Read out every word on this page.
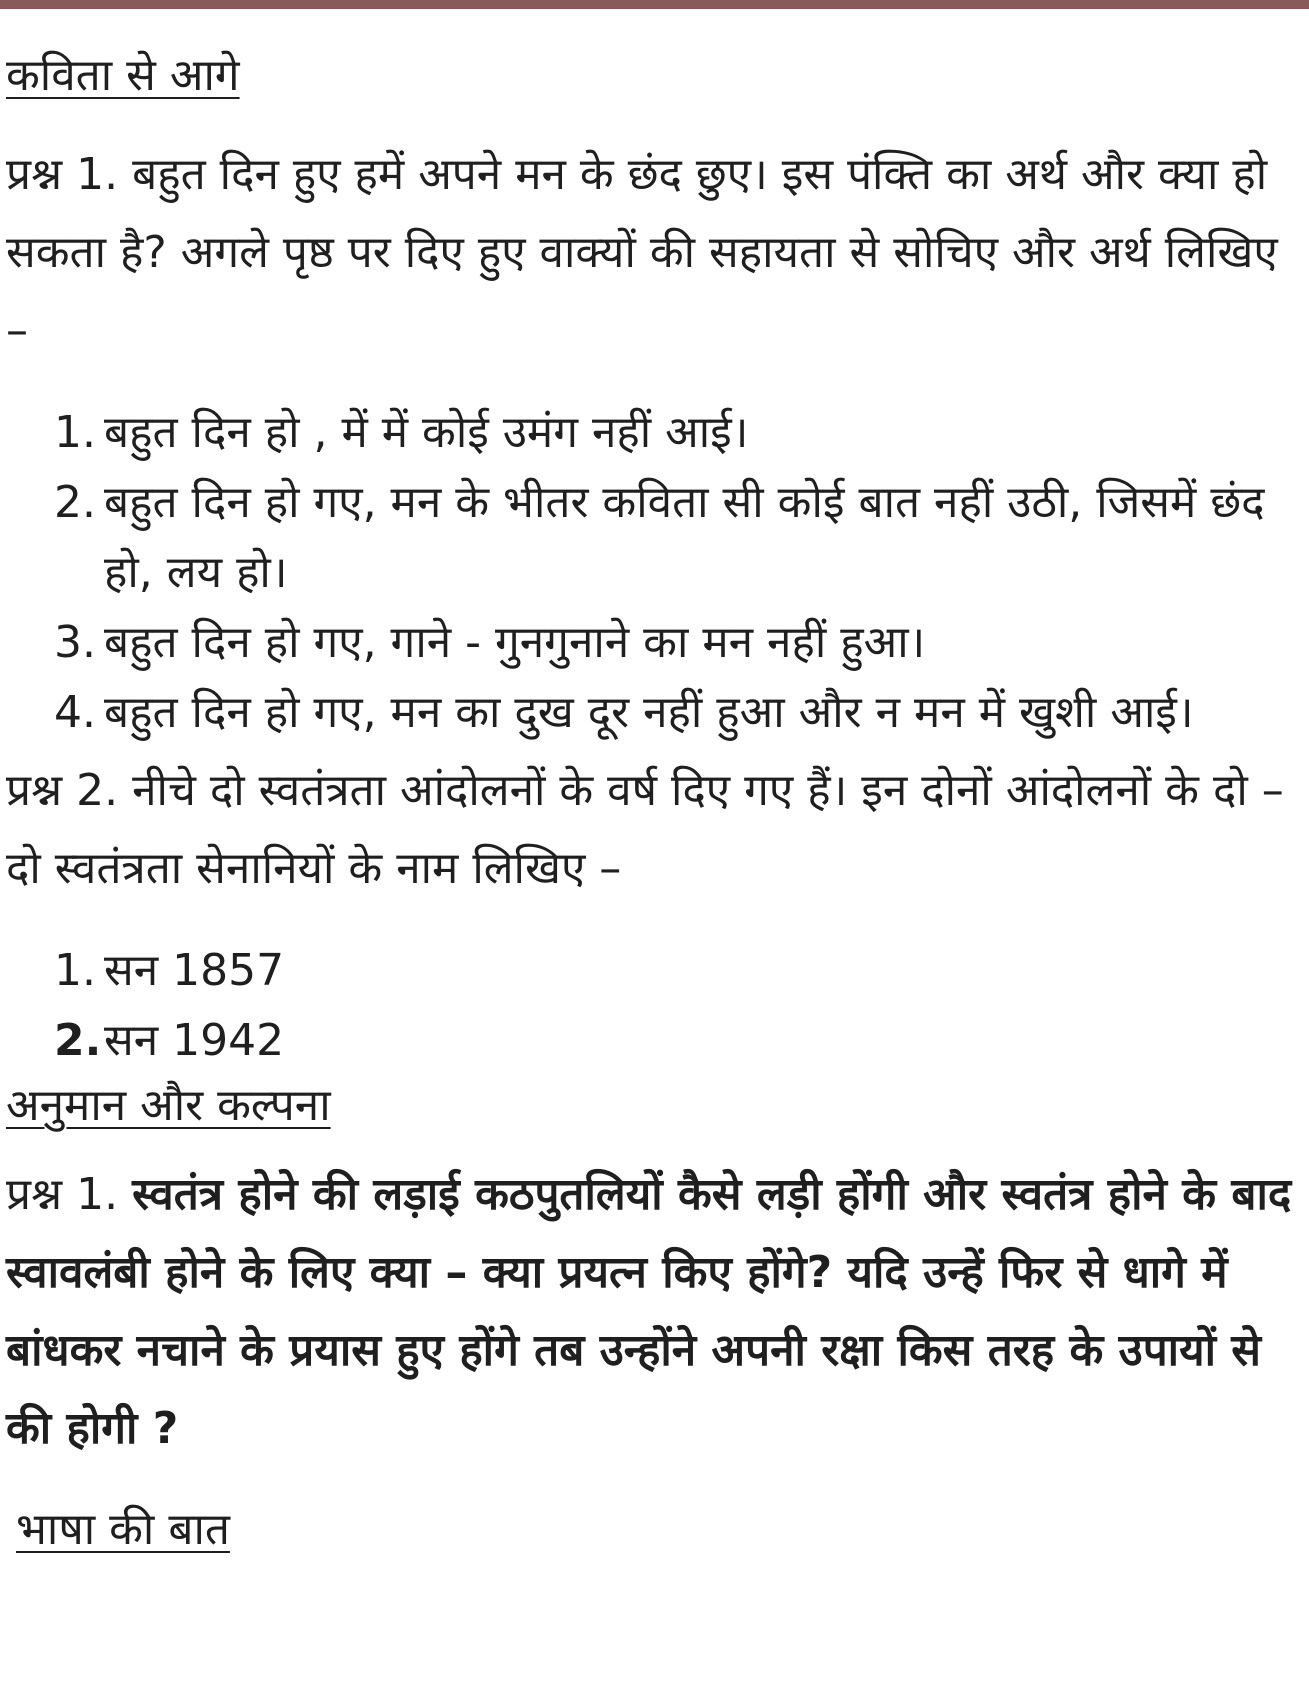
कविता से आगे

प्रश्न 1. बहुत दिन हुए हमें अपने मन के छंद छुए। इस पंक्ति का अर्थ और क्या हो सकता है? अगले पृष्ठ पर दिए हुए वाक्यों की सहायता से सोचिए और अर्थ लिखिए –

1. बहुत दिन हो , में में कोई उमंग नहीं आई।
2. बहुत दिन हो गए, मन के भीतर कविता सी कोई बात नहीं उठी, जिसमें छंद हो, लय हो।
3. बहुत दिन हो गए, गाने - गुनगुनाने का मन नहीं हुआ।
4. बहुत दिन हो गए, मन का दुख दूर नहीं हुआ और न मन में खुशी आई।

प्रश्न 2. नीचे दो स्वतंत्रता आंदोलनों के वर्ष दिए गए हैं। इन दोनों आंदोलनों के दो – दो स्वतंत्रता सेनानियों के नाम लिखिए –

1. सन 1857
2. सन 1942
अनुमान और कल्पना

प्रश्न 1. स्वतंत्र होने की लड़ाई कठपुतलियों कैसे लड़ी होंगी और स्वतंत्र होने के बाद स्वावलंबी होने के लिए क्या – क्या प्रयत्न किए होंगे? यदि उन्हें फिर से धागे में बांधकर नचाने के प्रयास हुए होंगे तब उन्होंने अपनी रक्षा किस तरह के उपायों से की होगी ?

भाषा की बात
